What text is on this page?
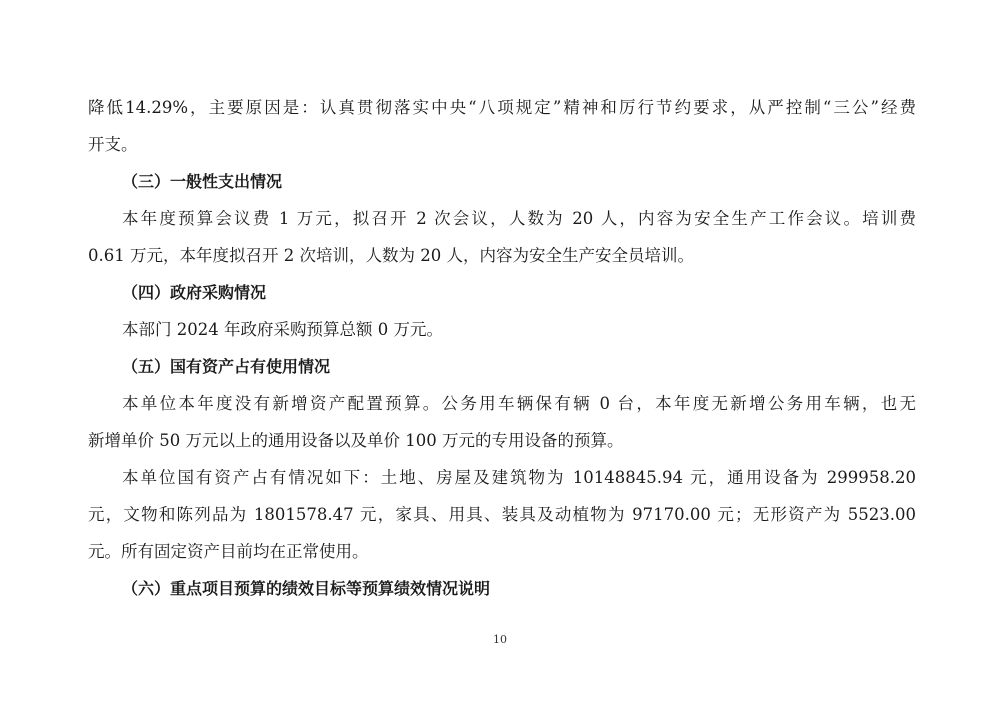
降低14.29%，主要原因是：认真贯彻落实中央“八项规定”精神和厉行节约要求，从严控制“三公”经费
开支。
（三）一般性支出情况
本年度预算会议费 1 万元，拟召开 2 次会议，人数为 20 人，内容为安全生产工作会议。培训费
0.61 万元，本年度拟召开 2 次培训，人数为 20 人，内容为安全生产安全员培训。
（四）政府采购情况
本部门 2024 年政府采购预算总额 0 万元。
（五）国有资产占有使用情况
本单位本年度没有新增资产配置预算。公务用车辆保有辆 0 台，本年度无新增公务用车辆，也无
新增单价 50 万元以上的通用设备以及单价 100 万元的专用设备的预算。
本单位国有资产占有情况如下：土地、房屋及建筑物为 10148845.94 元，通用设备为 299958.20
元，文物和陈列品为 1801578.47 元，家具、用具、装具及动植物为 97170.00 元；无形资产为 5523.00
元。所有固定资产目前均在正常使用。
（六）重点项目预算的绩效目标等预算绩效情况说明
10
